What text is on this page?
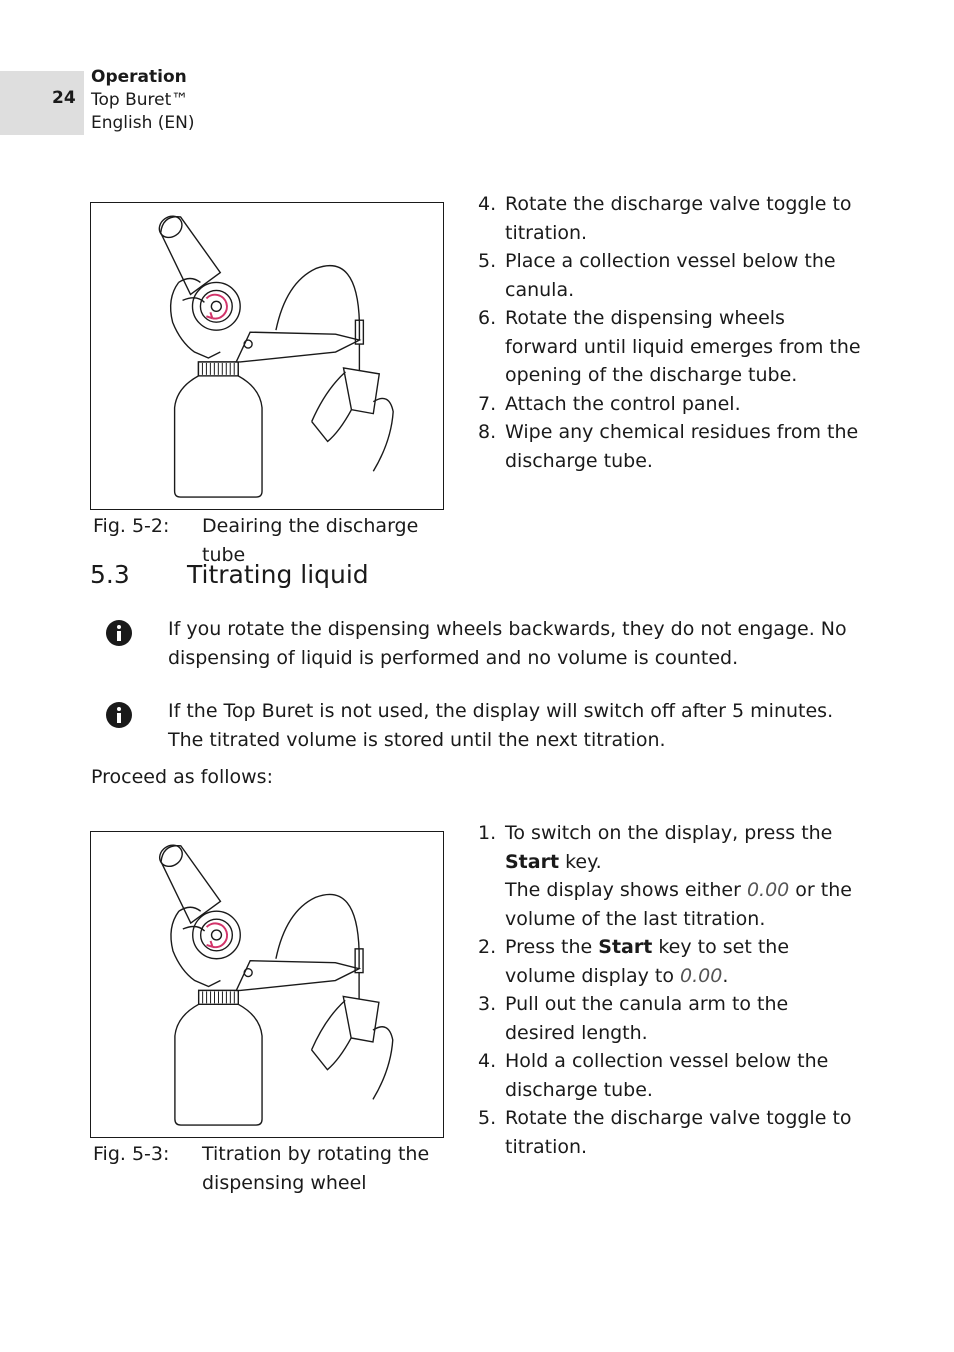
24
Operation
Top Buret™
English (EN)
Fig. 5-2: Deairing the discharge tube
4. Rotate the discharge valve toggle to titration.
5. Place a collection vessel below the canula.
6. Rotate the dispensing wheels forward until liquid emerges from the opening of the discharge tube.
7. Attach the control panel.
8. Wipe any chemical residues from the discharge tube.
5.3 Titrating liquid
If you rotate the dispensing wheels backwards, they do not engage. No dispensing of liquid is performed and no volume is counted.
If the Top Buret is not used, the display will switch off after 5 minutes. The titrated volume is stored until the next titration.
Proceed as follows:
Fig. 5-3: Titration by rotating the dispensing wheel
1. To switch on the display, press the Start key.
The display shows either 0.00 or the volume of the last titration.
2. Press the Start key to set the volume display to 0.00.
3. Pull out the canula arm to the desired length.
4. Hold a collection vessel below the discharge tube.
5. Rotate the discharge valve toggle to titration.
